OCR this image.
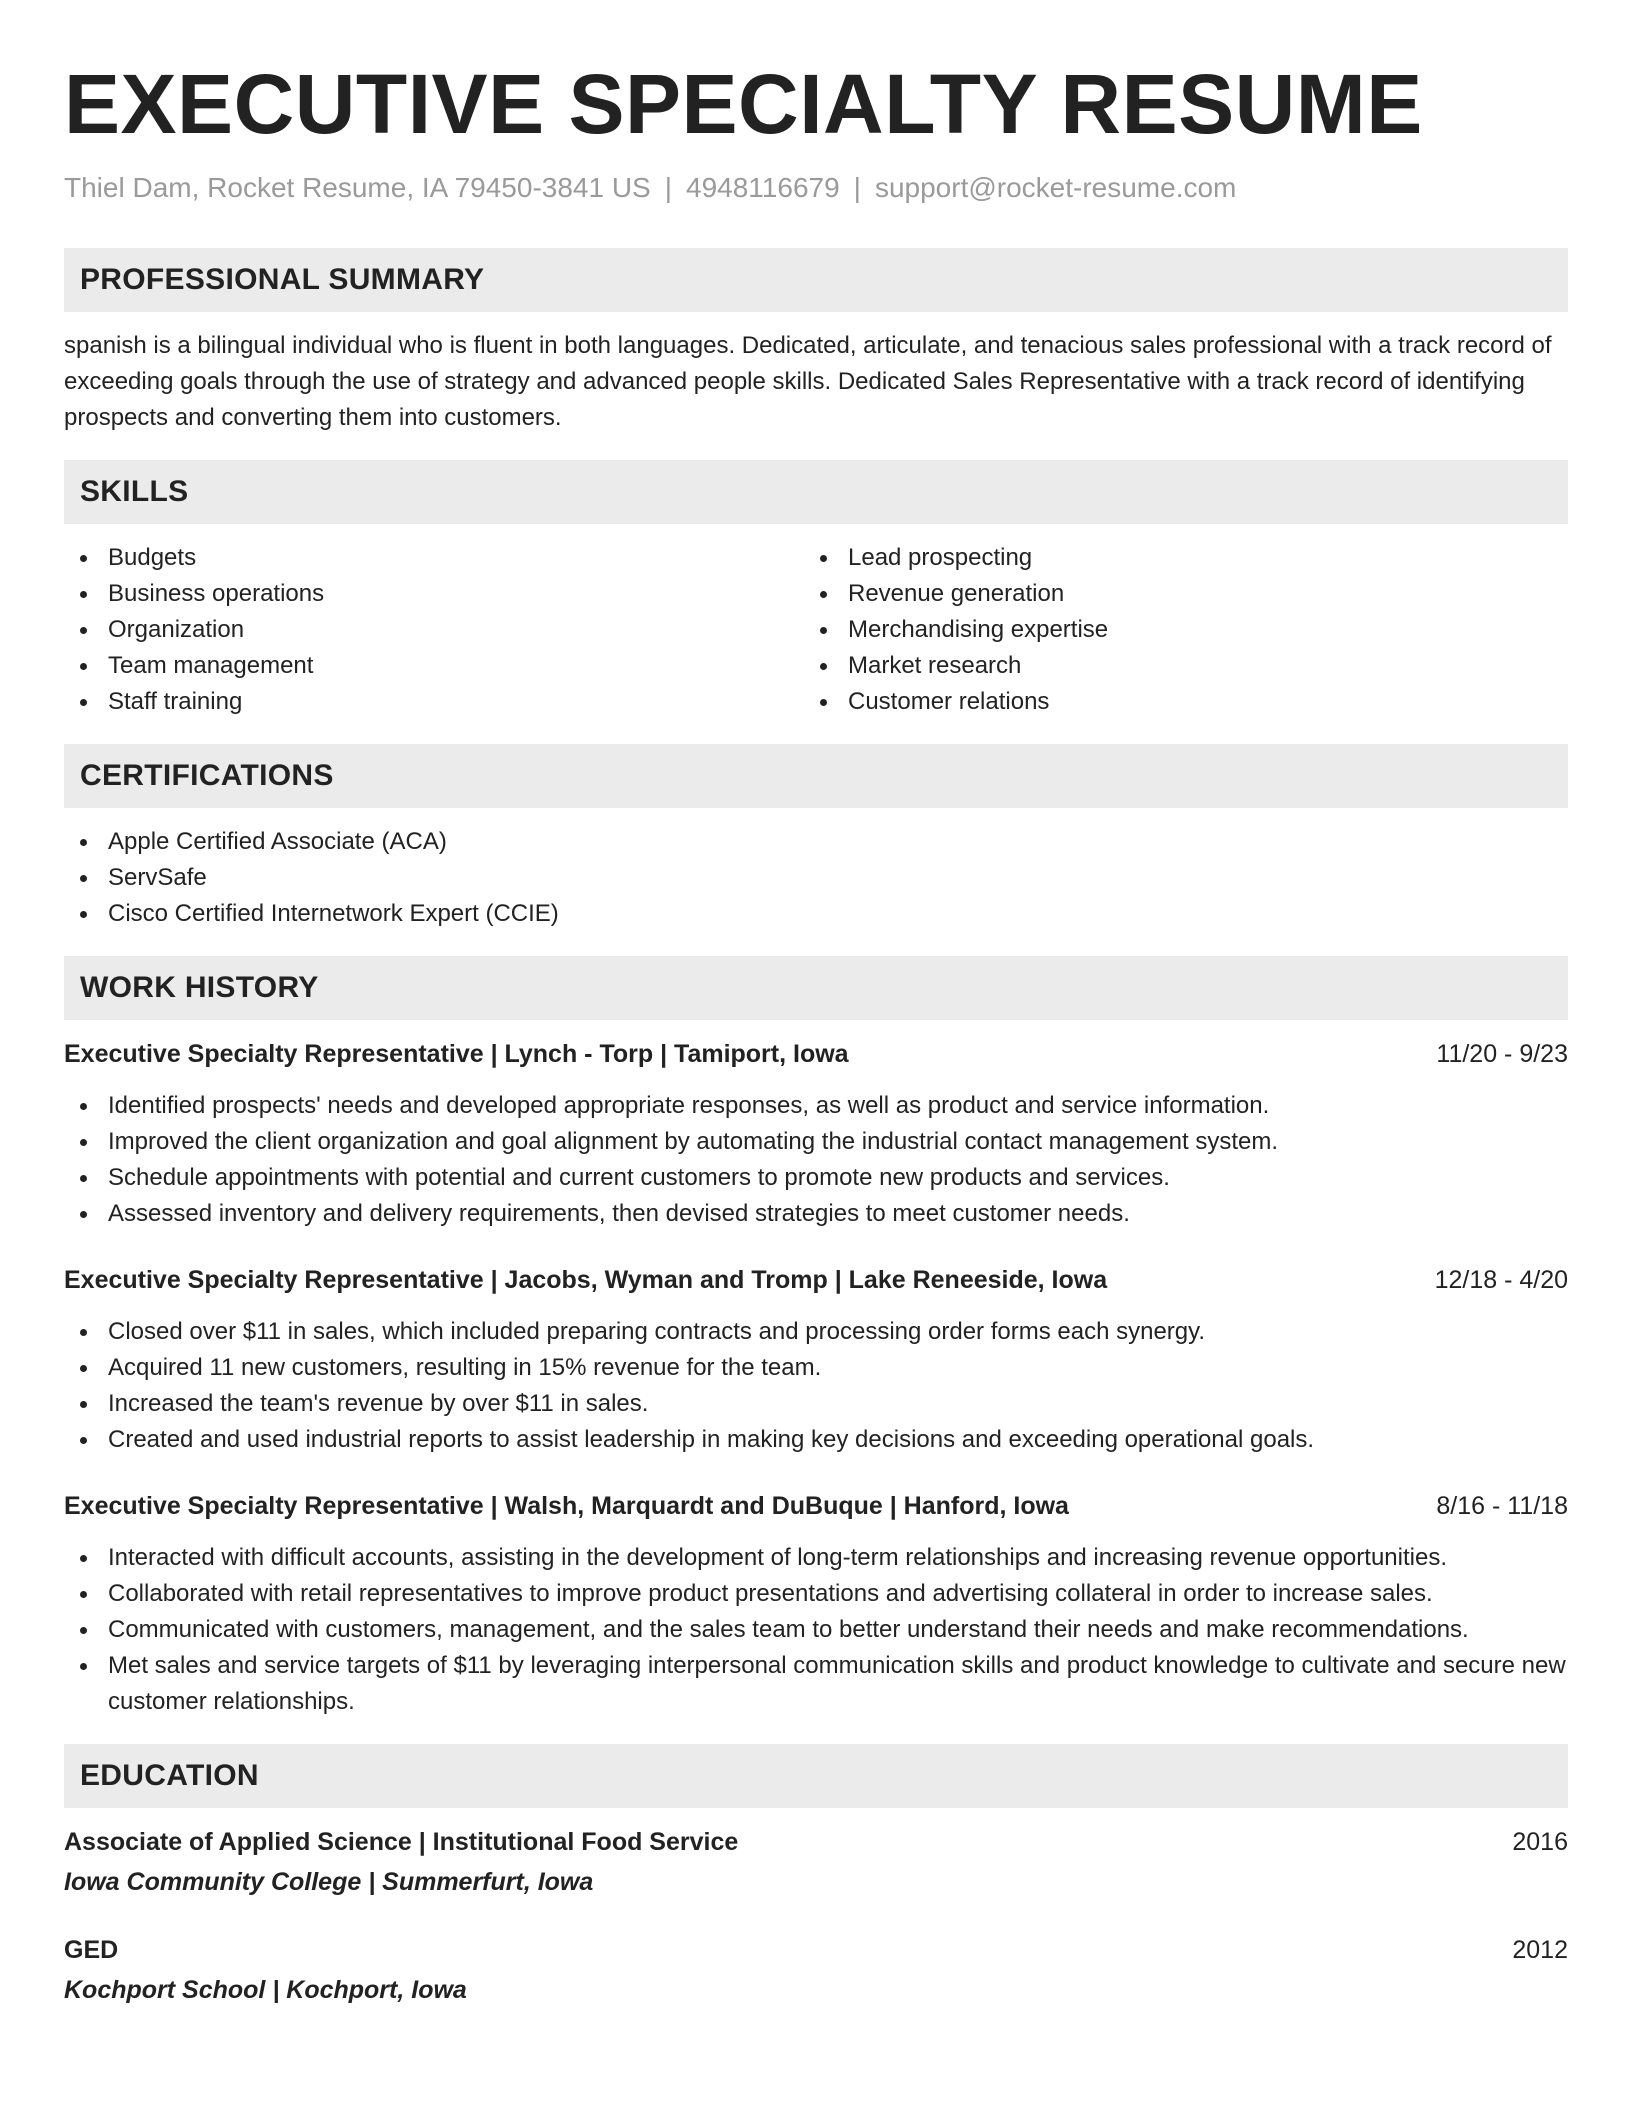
EXECUTIVE SPECIALTY RESUME
Thiel Dam, Rocket Resume, IA 79450-3841 US | 4948116679 | support@rocket-resume.com
PROFESSIONAL SUMMARY
spanish is a bilingual individual who is fluent in both languages. Dedicated, articulate, and tenacious sales professional with a track record of exceeding goals through the use of strategy and advanced people skills. Dedicated Sales Representative with a track record of identifying prospects and converting them into customers.
SKILLS
Budgets
Business operations
Organization
Team management
Staff training
Lead prospecting
Revenue generation
Merchandising expertise
Market research
Customer relations
CERTIFICATIONS
Apple Certified Associate (ACA)
ServSafe
Cisco Certified Internetwork Expert (CCIE)
WORK HISTORY
Executive Specialty Representative | Lynch - Torp | Tamiport, Iowa	11/20 - 9/23
Identified prospects' needs and developed appropriate responses, as well as product and service information.
Improved the client organization and goal alignment by automating the industrial contact management system.
Schedule appointments with potential and current customers to promote new products and services.
Assessed inventory and delivery requirements, then devised strategies to meet customer needs.
Executive Specialty Representative | Jacobs, Wyman and Tromp | Lake Reneeside, Iowa	12/18 - 4/20
Closed over $11 in sales, which included preparing contracts and processing order forms each synergy.
Acquired 11 new customers, resulting in 15% revenue for the team.
Increased the team's revenue by over $11 in sales.
Created and used industrial reports to assist leadership in making key decisions and exceeding operational goals.
Executive Specialty Representative | Walsh, Marquardt and DuBuque | Hanford, Iowa	8/16 - 11/18
Interacted with difficult accounts, assisting in the development of long-term relationships and increasing revenue opportunities.
Collaborated with retail representatives to improve product presentations and advertising collateral in order to increase sales.
Communicated with customers, management, and the sales team to better understand their needs and make recommendations.
Met sales and service targets of $11 by leveraging interpersonal communication skills and product knowledge to cultivate and secure new customer relationships.
EDUCATION
Associate of Applied Science | Institutional Food Service	2016
Iowa Community College | Summerfurt, Iowa
GED	2012
Kochport School | Kochport, Iowa
